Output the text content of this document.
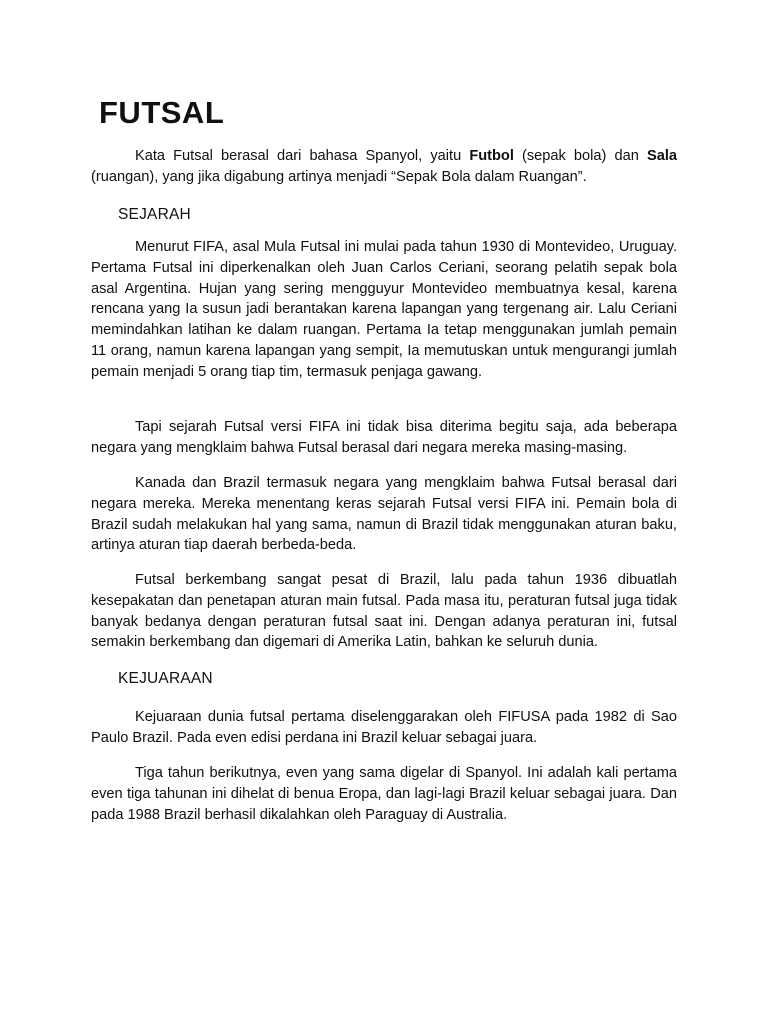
FUTSAL

Kata Futsal berasal dari bahasa Spanyol, yaitu Futbol (sepak bola) dan Sala (ruangan), yang jika digabung artinya menjadi “Sepak Bola dalam Ruangan”.

SEJARAH

Menurut FIFA, asal Mula Futsal ini mulai pada tahun 1930 di Montevideo, Uruguay. Pertama Futsal ini diperkenalkan oleh Juan Carlos Ceriani, seorang pelatih sepak bola asal Argentina. Hujan yang sering mengguyur Montevideo membuatnya kesal, karena rencana yang Ia susun jadi berantakan karena lapangan yang tergenang air. Lalu Ceriani memindahkan latihan ke dalam ruangan. Pertama Ia tetap menggunakan jumlah pemain 11 orang, namun karena lapangan yang sempit, Ia memutuskan untuk mengurangi jumlah pemain menjadi 5 orang tiap tim, termasuk penjaga gawang.

Tapi sejarah Futsal versi FIFA ini tidak bisa diterima begitu saja, ada beberapa negara yang mengklaim bahwa Futsal berasal dari negara mereka masing-masing.

Kanada dan Brazil termasuk negara yang mengklaim bahwa Futsal berasal dari negara mereka. Mereka menentang keras sejarah Futsal versi FIFA ini. Pemain bola di Brazil sudah melakukan hal yang sama, namun di Brazil tidak menggunakan aturan baku, artinya aturan tiap daerah berbeda-beda.

Futsal berkembang sangat pesat di Brazil, lalu pada tahun 1936 dibuatlah kesepakatan dan penetapan aturan main futsal. Pada masa itu, peraturan futsal juga tidak banyak bedanya dengan peraturan futsal saat ini. Dengan adanya peraturan ini, futsal semakin berkembang dan digemari di Amerika Latin, bahkan ke seluruh dunia.

KEJUARAAN

Kejuaraan dunia futsal pertama diselenggarakan oleh FIFUSA pada 1982 di Sao Paulo Brazil. Pada even edisi perdana ini Brazil keluar sebagai juara.

Tiga tahun berikutnya, even yang sama digelar di Spanyol. Ini adalah kali pertama even tiga tahunan ini dihelat di benua Eropa, dan lagi-lagi Brazil keluar sebagai juara. Dan pada 1988 Brazil berhasil dikalahkan oleh Paraguay di Australia.
